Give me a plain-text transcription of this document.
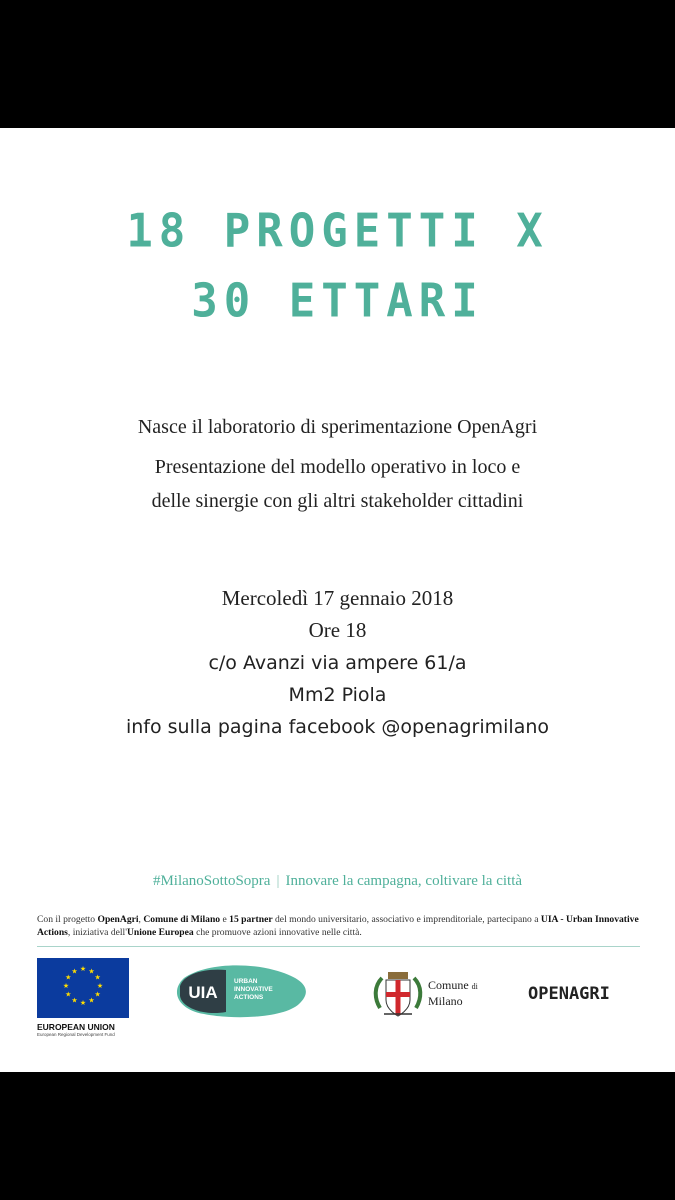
18 PROGETTI X
30 ETTARI
Nasce il laboratorio di sperimentazione OpenAgri
Presentazione del modello operativo in loco e
delle sinergie con gli altri stakeholder cittadini
Mercoledì 17 gennaio 2018
Ore 18
c/o Avanzi via ampere 61/a
Mm2 Piola
info sulla pagina facebook @openagrimilano
#MilanoSottoSopra | Innovare la campagna, coltivare la città
Con il progetto OpenAgri, Comune di Milano e 15 partner del mondo universitario, associativo e imprenditoriale, partecipano a UIA - Urban Innovative Actions, iniziativa dell'Unione Europea che promuove azioni innovative nelle città.
★ ★
★
★
★
★
★
★
★
★
★
★
EUROPEAN UNION
European Regional Development Fund
UIA
URBAN
INNOVATIVE
ACTIONS
Comune di
Milano	OPENAGRI
